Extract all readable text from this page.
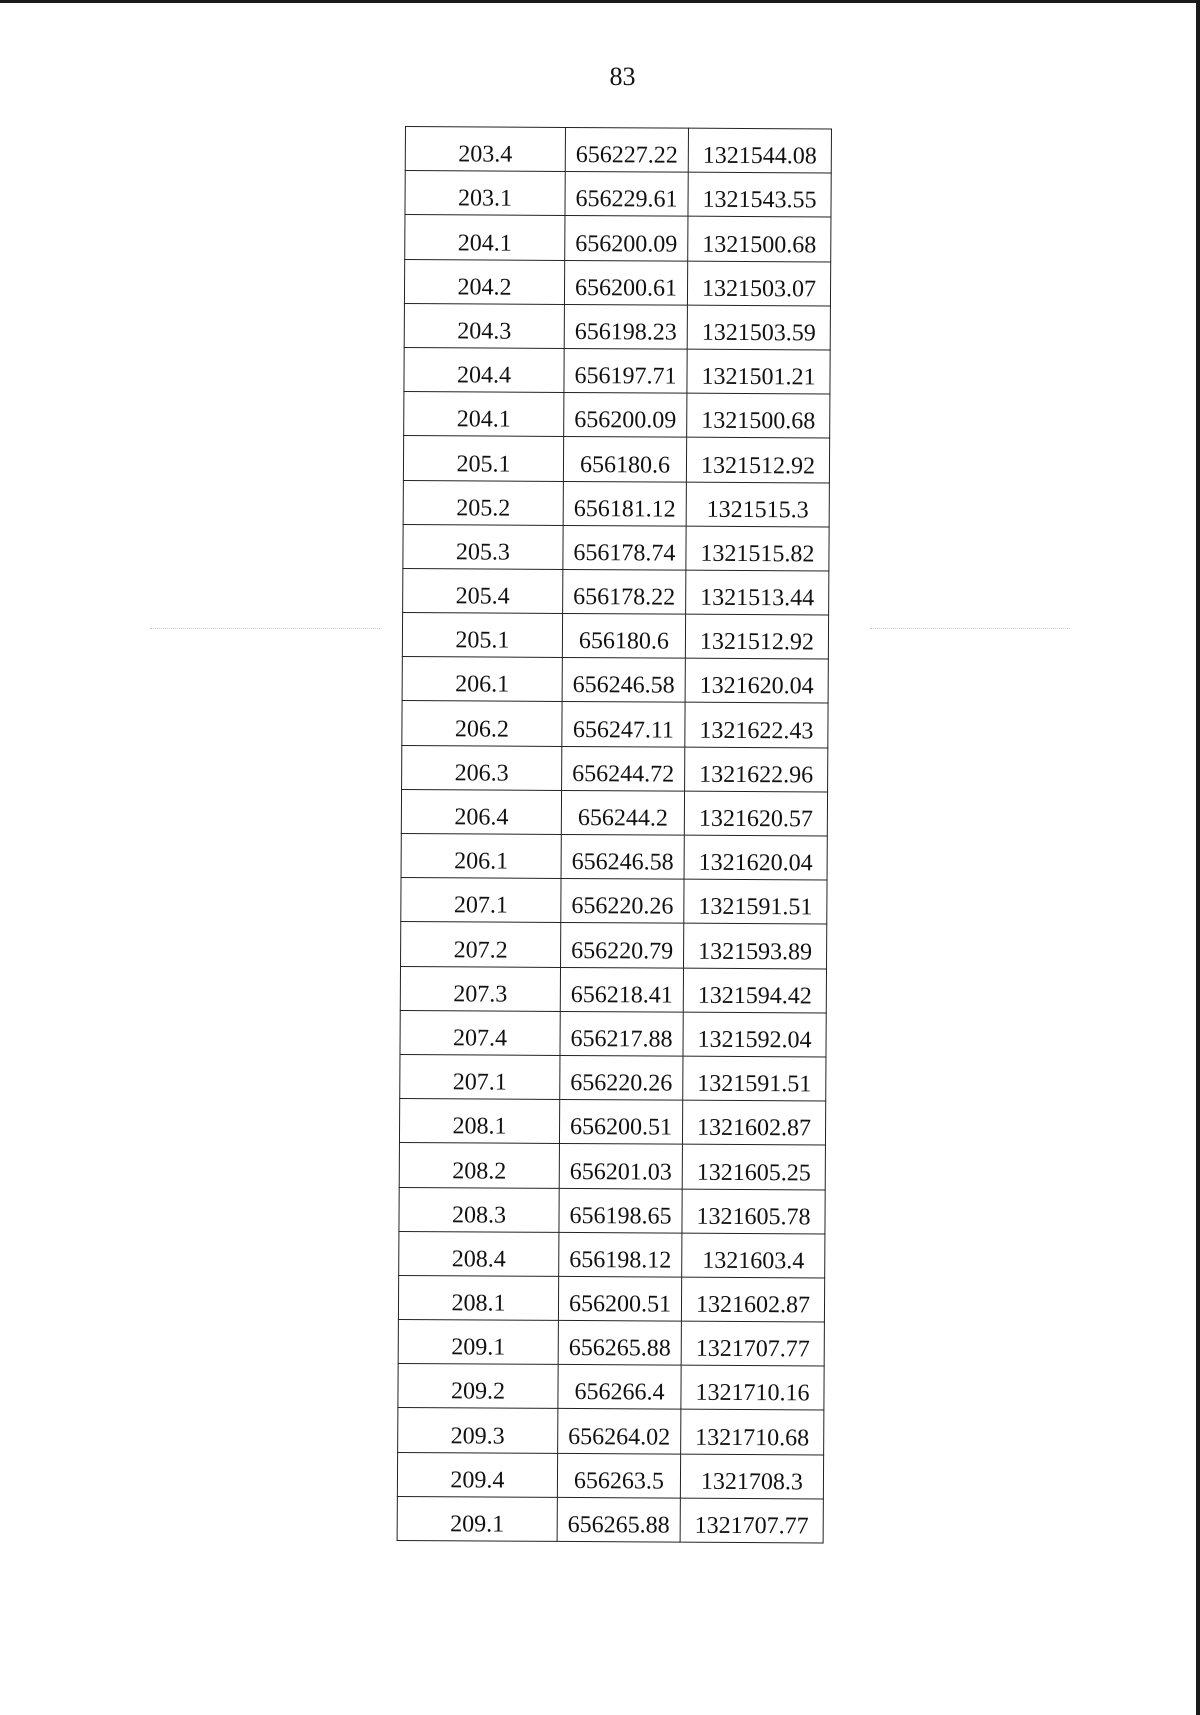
83
203.4	656227.22	1321544.08
203.1	656229.61	1321543.55
204.1	656200.09	1321500.68
204.2	656200.61	1321503.07
204.3	656198.23	1321503.59
204.4	656197.71	1321501.21
204.1	656200.09	1321500.68
205.1	656180.6	1321512.92
205.2	656181.12	1321515.3
205.3	656178.74	1321515.82
205.4	656178.22	1321513.44
205.1	656180.6	1321512.92
206.1	656246.58	1321620.04
206.2	656247.11	1321622.43
206.3	656244.72	1321622.96
206.4	656244.2	1321620.57
206.1	656246.58	1321620.04
207.1	656220.26	1321591.51
207.2	656220.79	1321593.89
207.3	656218.41	1321594.42
207.4	656217.88	1321592.04
207.1	656220.26	1321591.51
208.1	656200.51	1321602.87
208.2	656201.03	1321605.25
208.3	656198.65	1321605.78
208.4	656198.12	1321603.4
208.1	656200.51	1321602.87
209.1	656265.88	1321707.77
209.2	656266.4	1321710.16
209.3	656264.02	1321710.68
209.4	656263.5	1321708.3
209.1	656265.88	1321707.77
